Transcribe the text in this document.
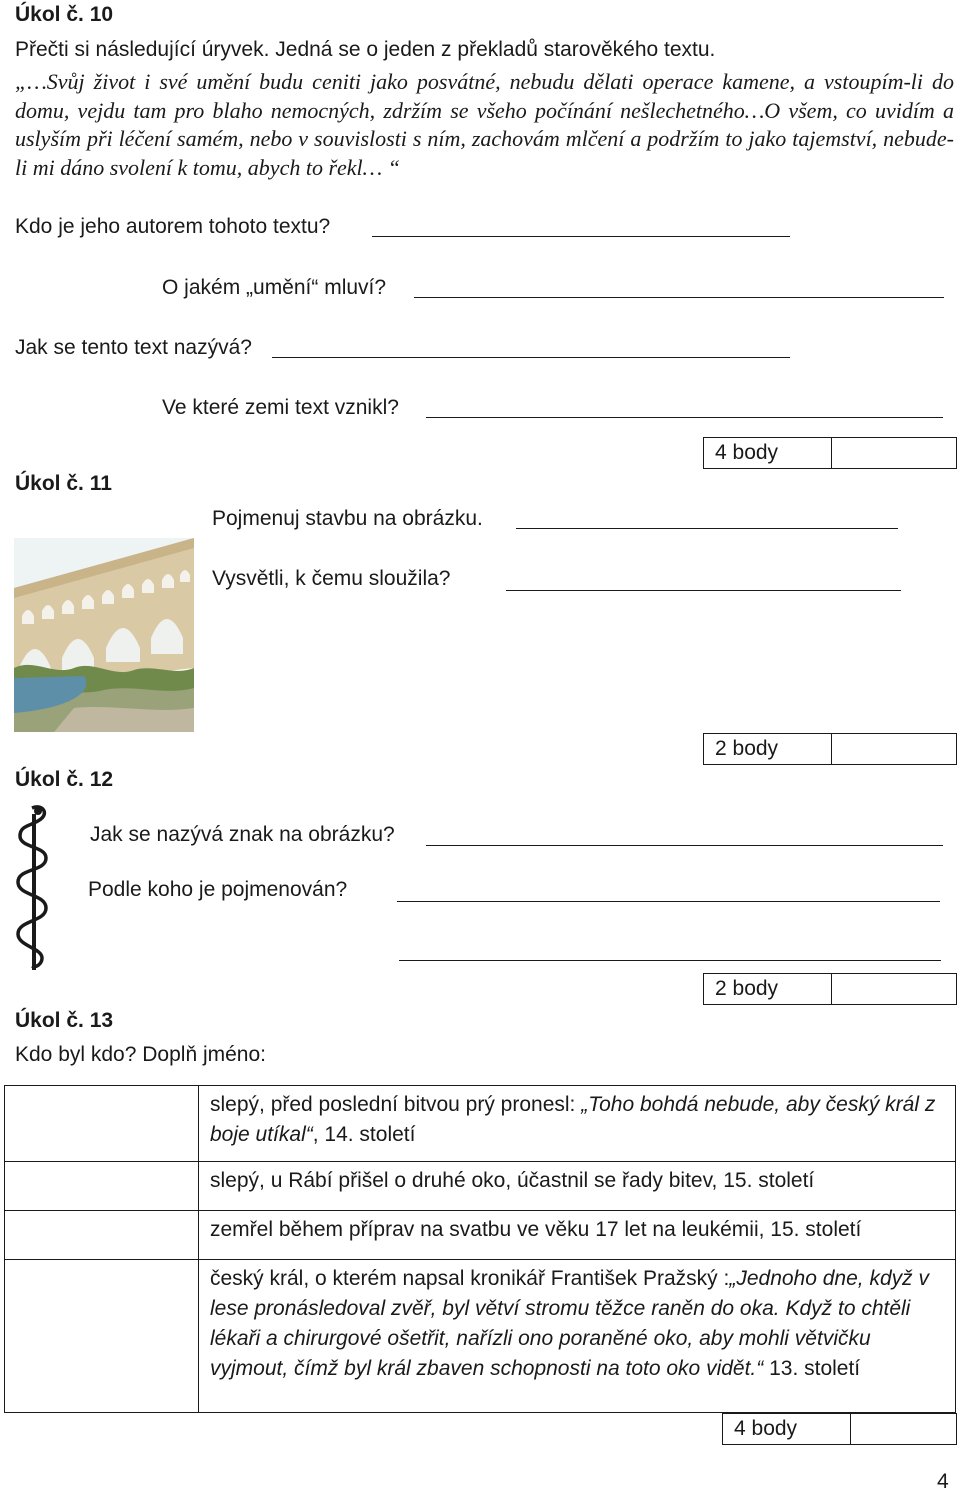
Úkol č. 10
Přečti si následující úryvek. Jedná se o jeden z překladů starověkého textu.
„…Svůj život i své umění budu ceniti jako posvátné, nebudu dělati operace kamene, a vstoupím-li do domu, vejdu tam pro blaho nemocných, zdržím se všeho počínání nešlechetného…O všem, co uvidím a uslyším při léčení samém, nebo v souvislosti s ním, zachovám mlčení a podržím to jako tajemství, nebude-li mi dáno svolení k tomu, abych to řekl… “
Kdo je jeho autorem tohoto textu?
O jakém „umění“ mluví?
Jak se tento text nazývá?
Ve které zemi text vznikl?
4 body
Úkol č. 11
Pojmenuj stavbu na obrázku.
Vysvětli, k čemu sloužila?
2 body
Úkol č. 12
Jak se nazývá znak na obrázku?
Podle koho je pojmenován?
2 body
Úkol č. 13
Kdo byl kdo? Doplň jméno:
	slepý, před poslední bitvou prý pronesl: „Toho bohdá nebude, aby český král z boje utíkal“, 14. století
	slepý, u Rábí přišel o druhé oko, účastnil se řady bitev, 15. století
	zemřel během příprav na svatbu ve věku 17 let na leukémii, 15. století
	český král, o kterém napsal kronikář František Pražský :„Jednoho dne, když v lese pronásledoval zvěř, byl větví stromu těžce raněn do oka. Když to chtěli lékaři a chirurgové ošetřit, nařízli ono poraněné oko, aby mohli větvičku vyjmout, čímž byl král zbaven schopnosti na toto oko vidět.“ 13. století
4 body
4
